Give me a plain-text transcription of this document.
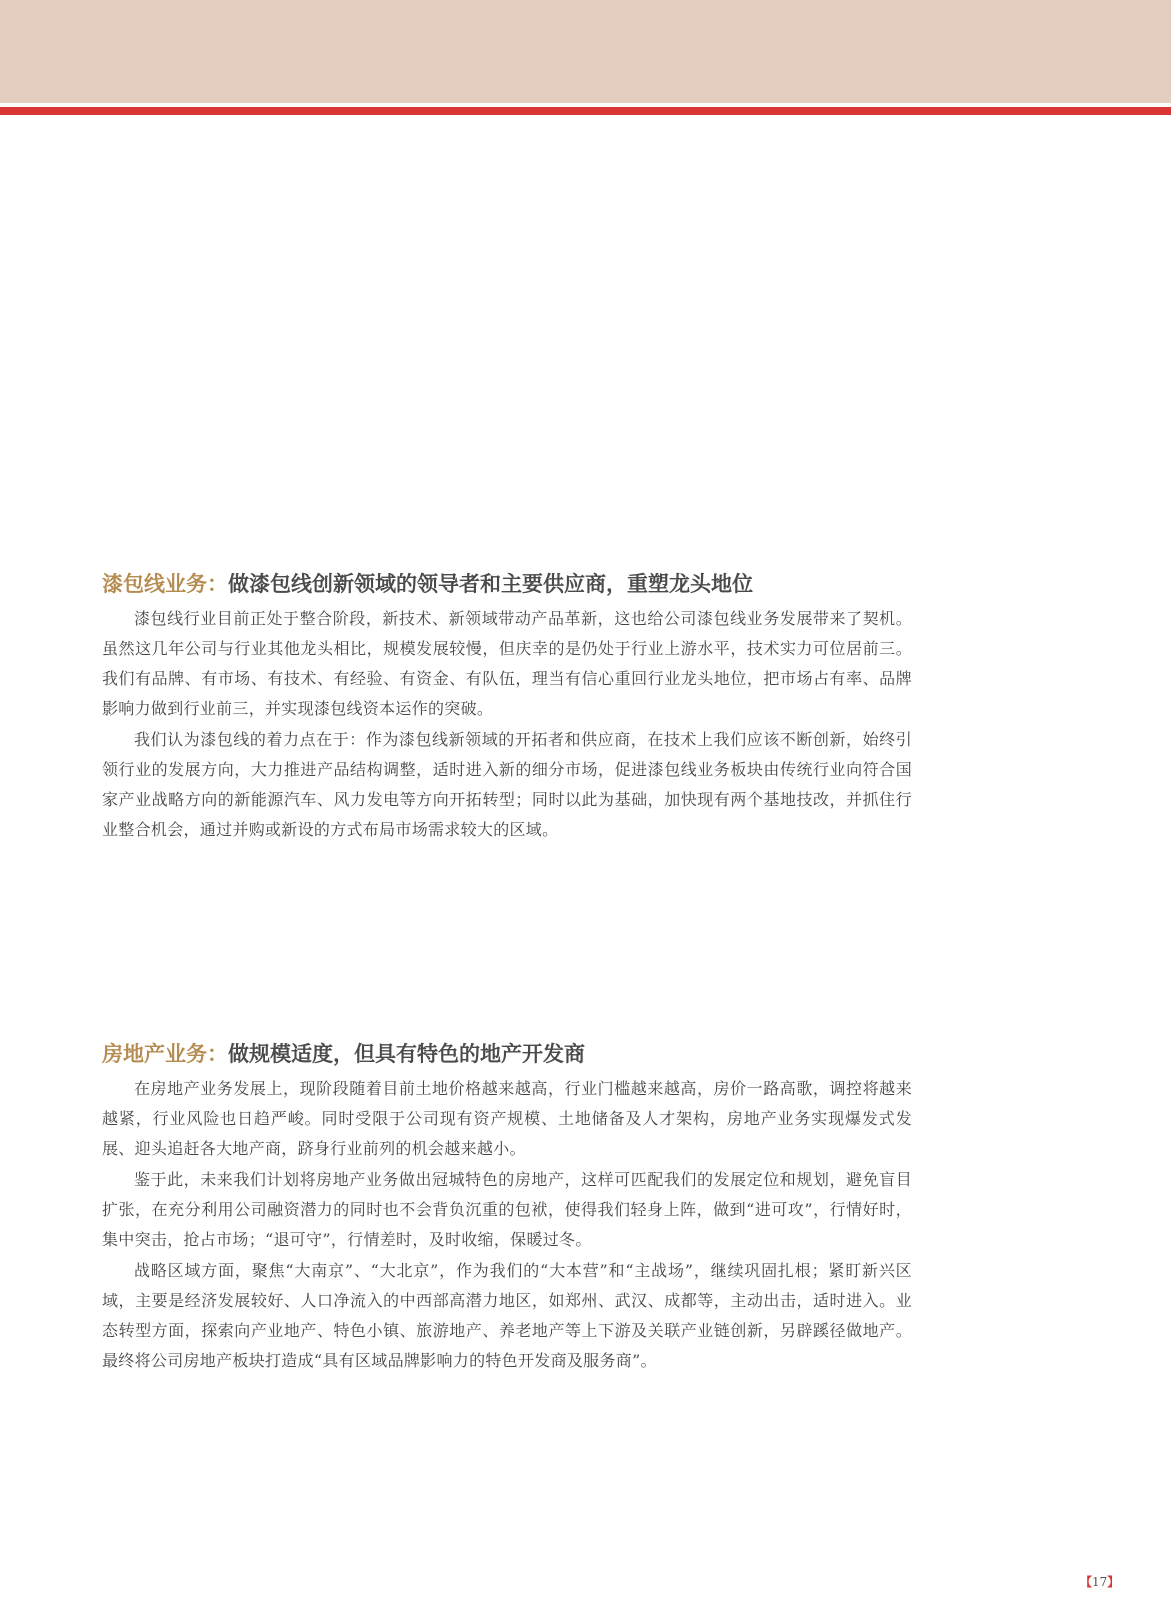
漆包线业务：做漆包线创新领域的领导者和主要供应商，重塑龙头地位

漆包线行业目前正处于整合阶段，新技术、新领域带动产品革新，这也给公司漆包线业务发展带来了契机。虽然这几年公司与行业其他龙头相比，规模发展较慢，但庆幸的是仍处于行业上游水平，技术实力可位居前三。我们有品牌、有市场、有技术、有经验、有资金、有队伍，理当有信心重回行业龙头地位，把市场占有率、品牌影响力做到行业前三，并实现漆包线资本运作的突破。

我们认为漆包线的着力点在于：作为漆包线新领域的开拓者和供应商，在技术上我们应该不断创新，始终引领行业的发展方向，大力推进产品结构调整，适时进入新的细分市场，促进漆包线业务板块由传统行业向符合国家产业战略方向的新能源汽车、风力发电等方向开拓转型；同时以此为基础，加快现有两个基地技改，并抓住行业整合机会，通过并购或新设的方式布局市场需求较大的区域。

房地产业务：做规模适度，但具有特色的地产开发商

在房地产业务发展上，现阶段随着目前土地价格越来越高，行业门槛越来越高，房价一路高歌，调控将越来越紧，行业风险也日趋严峻。同时受限于公司现有资产规模、土地储备及人才架构，房地产业务实现爆发式发展、迎头追赶各大地产商，跻身行业前列的机会越来越小。

鉴于此，未来我们计划将房地产业务做出冠城特色的房地产，这样可匹配我们的发展定位和规划，避免盲目扩张，在充分利用公司融资潜力的同时也不会背负沉重的包袱，使得我们轻身上阵，做到“进可攻”，行情好时，集中突击，抢占市场；“退可守”，行情差时，及时收缩，保暖过冬。

战略区域方面，聚焦“大南京”、“大北京”，作为我们的“大本营”和“主战场”，继续巩固扎根；紧盯新兴区域，主要是经济发展较好、人口净流入的中西部高潜力地区，如郑州、武汉、成都等，主动出击，适时进入。业态转型方面，探索向产业地产、特色小镇、旅游地产、养老地产等上下游及关联产业链创新，另辟蹊径做地产。最终将公司房地产板块打造成“具有区域品牌影响力的特色开发商及服务商”。

【17】
